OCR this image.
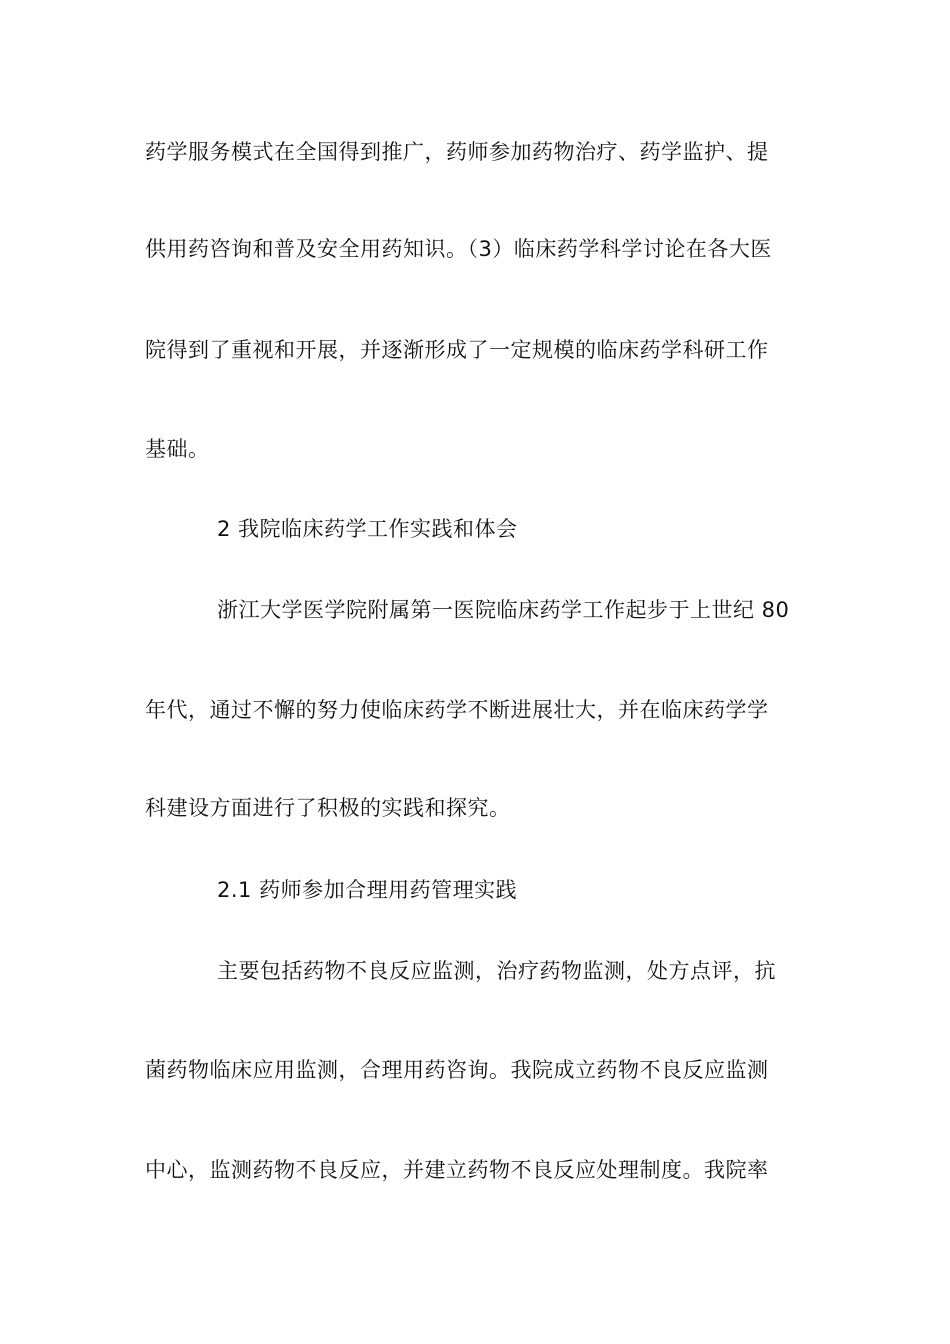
药学服务模式在全国得到推广，药师参加药物治疗、药学监护、提
供用药咨询和普及安全用药知识。（3）临床药学科学讨论在各大医
院得到了重视和开展，并逐渐形成了一定规模的临床药学科研工作
基础。
2 我院临床药学工作实践和体会
浙江大学医学院附属第一医院临床药学工作起步于上世纪 80
年代，通过不懈的努力使临床药学不断进展壮大，并在临床药学学
科建设方面进行了积极的实践和探究。
2.1 药师参加合理用药管理实践
主要包括药物不良反应监测，治疗药物监测，处方点评，抗
菌药物临床应用监测，合理用药咨询。我院成立药物不良反应监测
中心，监测药物不良反应，并建立药物不良反应处理制度。我院率
